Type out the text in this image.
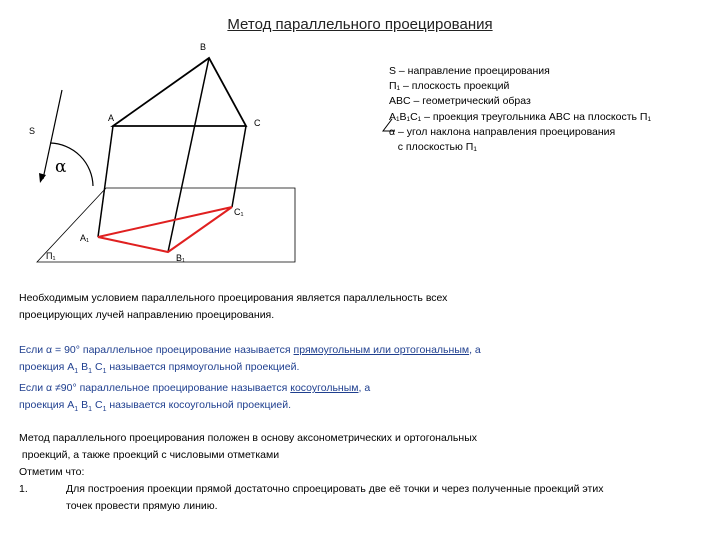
Метод параллельного проецирования
B
A	C
S
α
C₁
A₁
B₁
П₁
S – направление проецирования
П₁ – плоскость проекций
ABC – геометрический образ
A₁B₁C₁ – проекция треугольника ABC на плоскость П₁
α – угол наклона направления проецирования
с плоскостью П₁
Необходимым условием параллельного проецирования является параллельность всех
проецирующих лучей направлению проецирования.
Если α = 90° параллельное проецирование называется прямоугольным или ортогональным, а
проекция $A_1$ $B_1$ $C_1$ называется прямоугольной проекцией.
Если α ≠90° параллельное проецирование называется косоугольным, а
проекция $A_1$ $B_1$ $C_1$ называется косоугольной проекцией.
Метод параллельного проецирования положен в основу аксонометрических и ортогональных
проекций, а также проекций с числовыми отметками
Отметим что:
1.	Для построения проекции прямой достаточно спроецировать две её точки и через полученные проекций этих
точек провести прямую линию.
